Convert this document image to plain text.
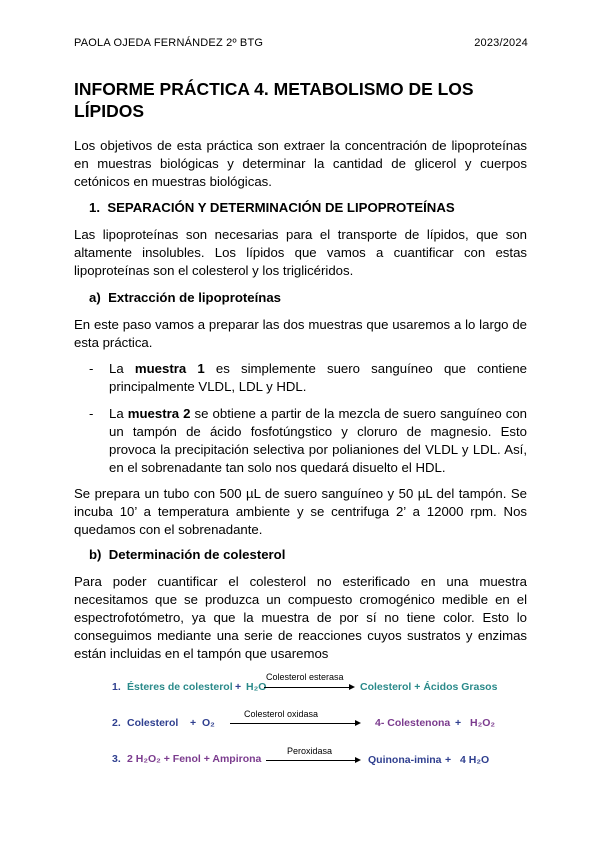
PAOLA OJEDA FERNÁNDEZ 2º BTG	2023/2024
INFORME PRÁCTICA 4. METABOLISMO DE LOS
LÍPIDOS

Los objetivos de esta práctica son extraer la concentración de lipoproteínas en muestras biológicas y determinar la cantidad de glicerol y cuerpos cetónicos en muestras biológicas.

1. SEPARACIÓN Y DETERMINACIÓN DE LIPOPROTEÍNAS

Las lipoproteínas son necesarias para el transporte de lípidos, que son altamente insolubles. Los lípidos que vamos a cuantificar con estas lipoproteínas son el colesterol y los triglicéridos.

a) Extracción de lipoproteínas

En este paso vamos a preparar las dos muestras que usaremos a lo largo de esta práctica.

- La muestra 1 es simplemente suero sanguíneo que contiene principalmente VLDL, LDL y HDL.
- La muestra 2 se obtiene a partir de la mezcla de suero sanguíneo con un tampón de ácido fosfotúngstico y cloruro de magnesio. Esto provoca la precipitación selectiva por polianiones del VLDL y LDL. Así, en el sobrenadante tan solo nos quedará disuelto el HDL.

Se prepara un tubo con 500 µL de suero sanguíneo y 50 µL del tampón. Se incuba 10’ a temperatura ambiente y se centrifuga 2’ a 12000 rpm. Nos quedamos con el sobrenadante.

b) Determinación de colesterol

Para poder cuantificar el colesterol no esterificado en una muestra necesitamos que se produzca un compuesto cromogénico medible en el espectrofotómetro, ya que la muestra de por sí no tiene color. Esto lo conseguimos mediante una serie de reacciones cuyos sustratos y enzimas están incluidas en el tampón que usaremos

1. Ésteres de colesterol + H₂O
Colesterol esterasa
Colesterol + Ácidos Grasos
2. Colesterol + O₂
Colesterol oxidasa
4- Colestenona + H₂O₂
3. 2 H₂O₂ + Fenol + Ampirona
Peroxidasa
Quinona-imina + 4 H₂O
